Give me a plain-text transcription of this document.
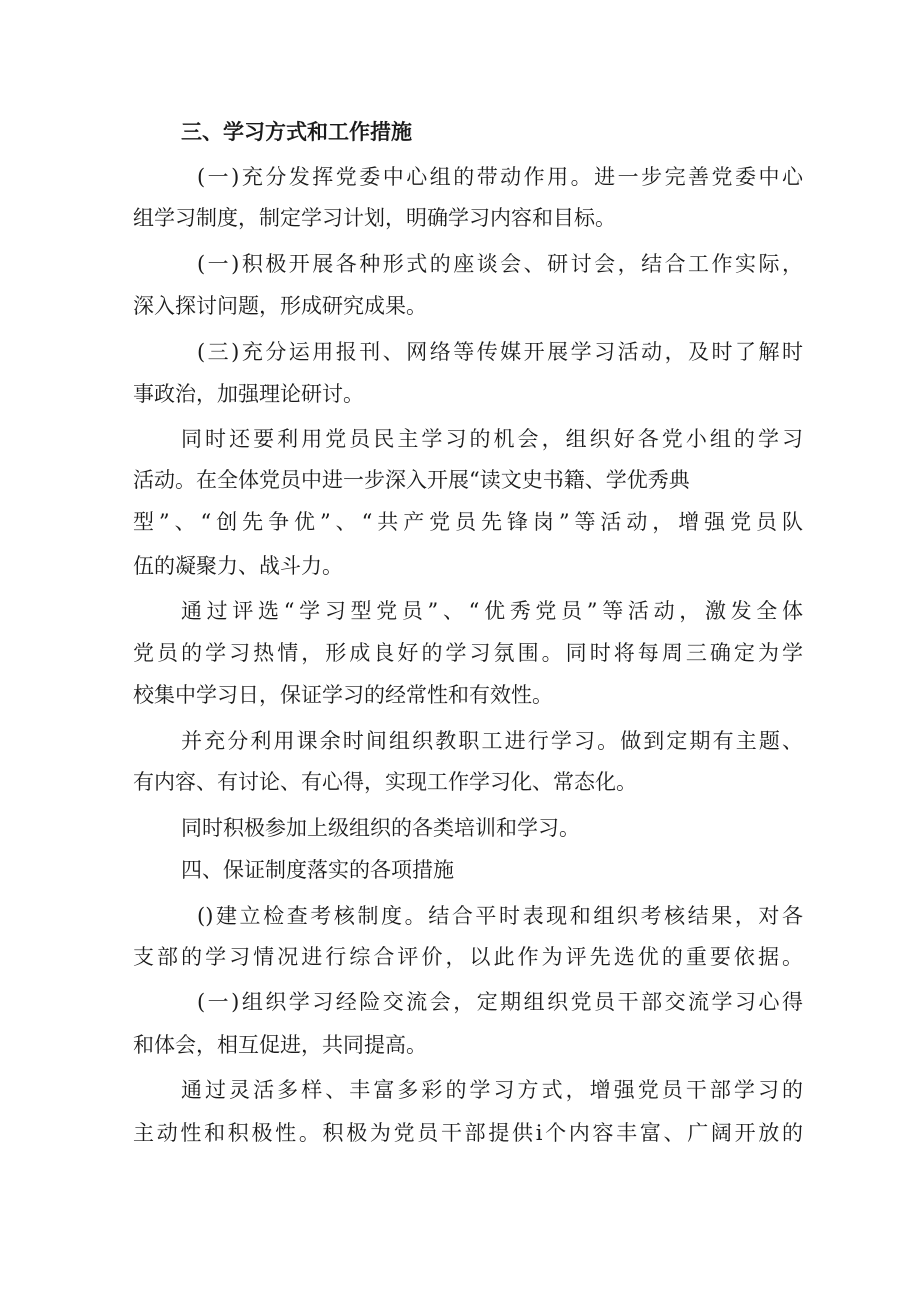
三、学习方式和工作措施
(一)充分发挥党委中心组的带动作用。进一步完善党委中心
组学习制度，制定学习计划，明确学习内容和目标。
(一)积极开展各种形式的座谈会、研讨会，结合工作实际，
深入探讨问题，形成研究成果。
(三)充分运用报刊、网络等传媒开展学习活动，及时了解时
事政治，加强理论研讨。
同时还要利用党员民主学习的机会，组织好各党小组的学习
活动。在全体党员中进一步深入开展“读文史书籍、学优秀典
型”、“创先争优”、“共产党员先锋岗”等活动，增强党员队
伍的凝聚力、战斗力。
通过评选“学习型党员”、“优秀党员”等活动，激发全体
党员的学习热情，形成良好的学习氛围。同时将每周三确定为学
校集中学习日，保证学习的经常性和有效性。
并充分利用课余时间组织教职工进行学习。做到定期有主题、
有内容、有讨论、有心得，实现工作学习化、常态化。
同时积极参加上级组织的各类培训和学习。
四、保证制度落实的各项措施
()建立检查考核制度。结合平时表现和组织考核结果，对各
支部的学习情况进行综合评价，以此作为评先选优的重要依据。
(一)组织学习经险交流会，定期组织党员干部交流学习心得
和体会，相互促进，共同提高。
通过灵活多样、丰富多彩的学习方式，增强党员干部学习的
主动性和积极性。积极为党员干部提供i个内容丰富、广阔开放的
